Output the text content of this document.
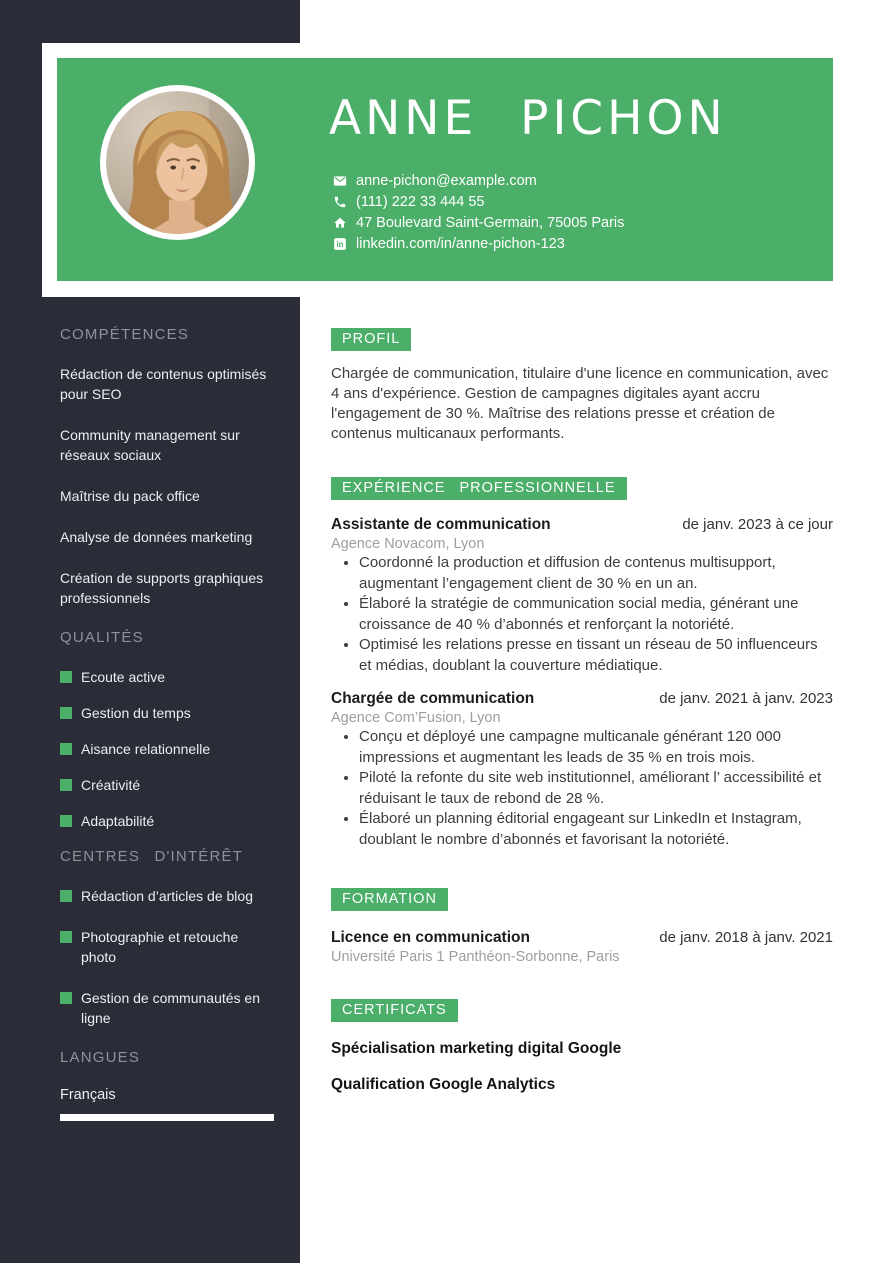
ANNE PICHON
anne-pichon@example.com
(111) 222 33 444 55
47 Boulevard Saint-Germain, 75005 Paris
in linkedin.com/in/anne-pichon-123
COMPÉTENCES
Rédaction de contenus optimisés pour SEO
Community management sur réseaux sociaux
Maîtrise du pack office
Analyse de données marketing
Création de supports graphiques professionnels
QUALITÉS
Ecoute active
Gestion du temps
Aisance relationnelle
Créativité
Adaptabilité
CENTRES D'INTÉRÊT
Rédaction d’articles de blog
Photographie et retouche photo
Gestion de communautés en ligne
LANGUES
Français
PROFIL

Chargée de communication, titulaire d'une licence en communication, avec 4 ans d'expérience. Gestion de campagnes digitales ayant accru l'engagement de 30 %. Maîtrise des relations presse et création de contenus multicanaux performants.

EXPÉRIENCE PROFESSIONNELLE
Assistante de communication	de janv. 2023 à ce jour
Agence Novacom, Lyon
• Coordonné la production et diffusion de contenus multisupport, augmentant l’engagement client de 30 % en un an.
• Élaboré la stratégie de communication social media, générant une croissance de 40 % d’abonnés et renforçant la notoriété.
• Optimisé les relations presse en tissant un réseau de 50 influenceurs et médias, doublant la couverture médiatique.
Chargée de communication	de janv. 2021 à janv. 2023
Agence Com’Fusion, Lyon
• Conçu et déployé une campagne multicanale générant 120 000 impressions et augmentant les leads de 35 % en trois mois.
• Piloté la refonte du site web institutionnel, améliorant l’ accessibilité et réduisant le taux de rebond de 28 %.
• Élaboré un planning éditorial engageant sur LinkedIn et Instagram, doublant le nombre d’abonnés et favorisant la notoriété.
FORMATION
Licence en communication	de janv. 2018 à janv. 2021
Université Paris 1 Panthéon-Sorbonne, Paris
CERTIFICATS
Spécialisation marketing digital Google
Qualification Google Analytics
